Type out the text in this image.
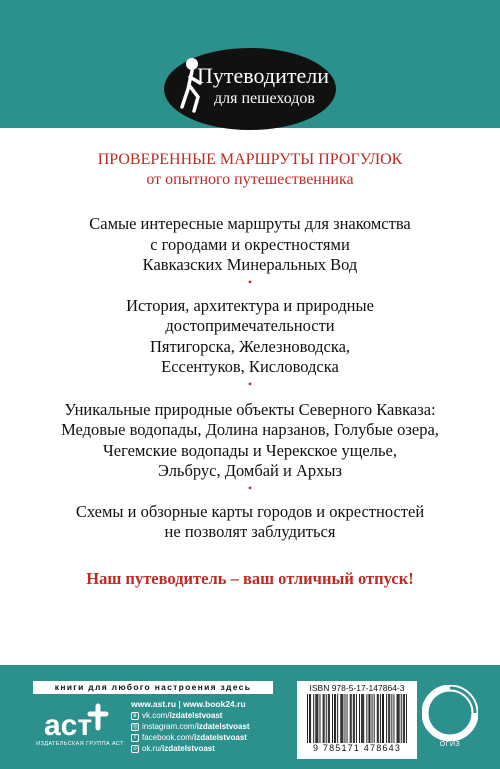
Путеводители
для пешеходов
ПРОВЕРЕННЫЕ МАРШРУТЫ ПРОГУЛОК
от опытного путешественника
Самые интересные маршруты для знакомства
с городами и окрестностями
Кавказских Минеральных Вод
•
История, архитектура и природные
достопримечательности
Пятигорска, Железноводска,
Ессентуков, Кисловодска
•
Уникальные природные объекты Северного Кавказа:
Медовые водопады, Долина нарзанов, Голубые озера,
Чегемские водопады и Черекское ущелье,
Эльбрус, Домбай и Архыз
•
Схемы и обзорные карты городов и окрестностей
не позволят заблудиться
Наш путеводитель – ваш отличный отпуск!
книги для любого настроения здесь
аст
ИЗДАТЕЛЬСКАЯ ГРУППА АСТ
www.ast.ru | www.book24.ru
в vk.com/izdatelstvoast
◎ instagram.com/izdatelstvoast
f facebook.com/izdatelstvoast
о ok.ru/izdatelstvoast
ISBN 978-5-17-147864-3
9 785171 478643	ОГИЗ
